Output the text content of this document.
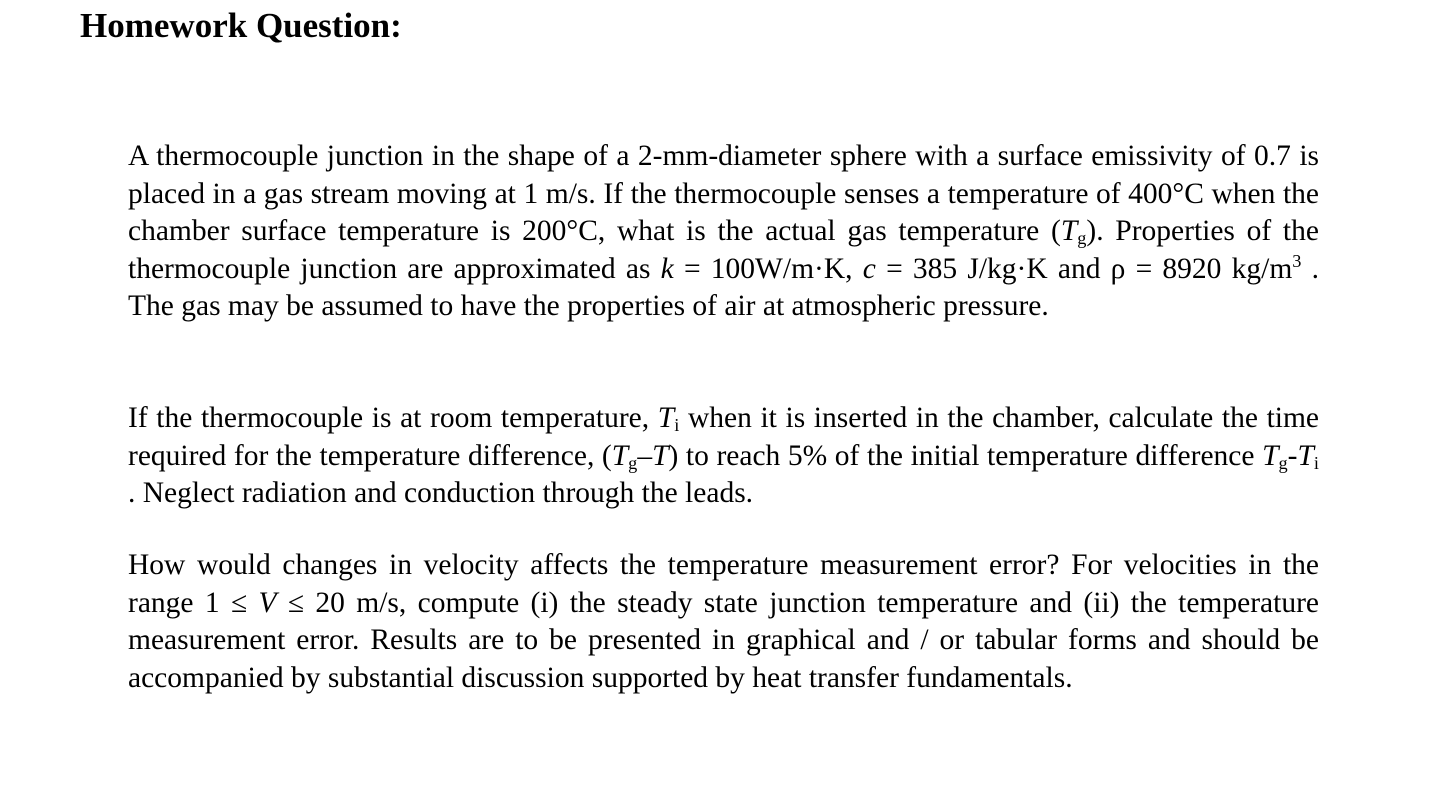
Homework Question:

A thermocouple junction in the shape of a 2-mm-diameter sphere with a surface emissivity of 0.7 is placed in a gas stream moving at 1 m/s. If the thermocouple senses a temperature of 400°C when the chamber surface temperature is 200°C, what is the actual gas temperature $(T_g)$. Properties of the thermocouple junction are approximated as k = 100W/m·K, c = 385 J/kg·K and ρ = 8920 $kg/m^3$ . The gas may be assumed to have the properties of air at atmospheric pressure.

If the thermocouple is at room temperature, $T_i$ when it is inserted in the chamber, calculate the time required for the temperature difference, $(T_g-T)$ to reach 5% of the initial temperature difference $T_g-T_i$ . Neglect radiation and conduction through the leads.

How would changes in velocity affects the temperature measurement error? For velocities in the range 1 ≤ V ≤ 20 m/s, compute (i) the steady state junction temperature and (ii) the temperature measurement error. Results are to be presented in graphical and / or tabular forms and should be accompanied by substantial discussion supported by heat transfer fundamentals.
